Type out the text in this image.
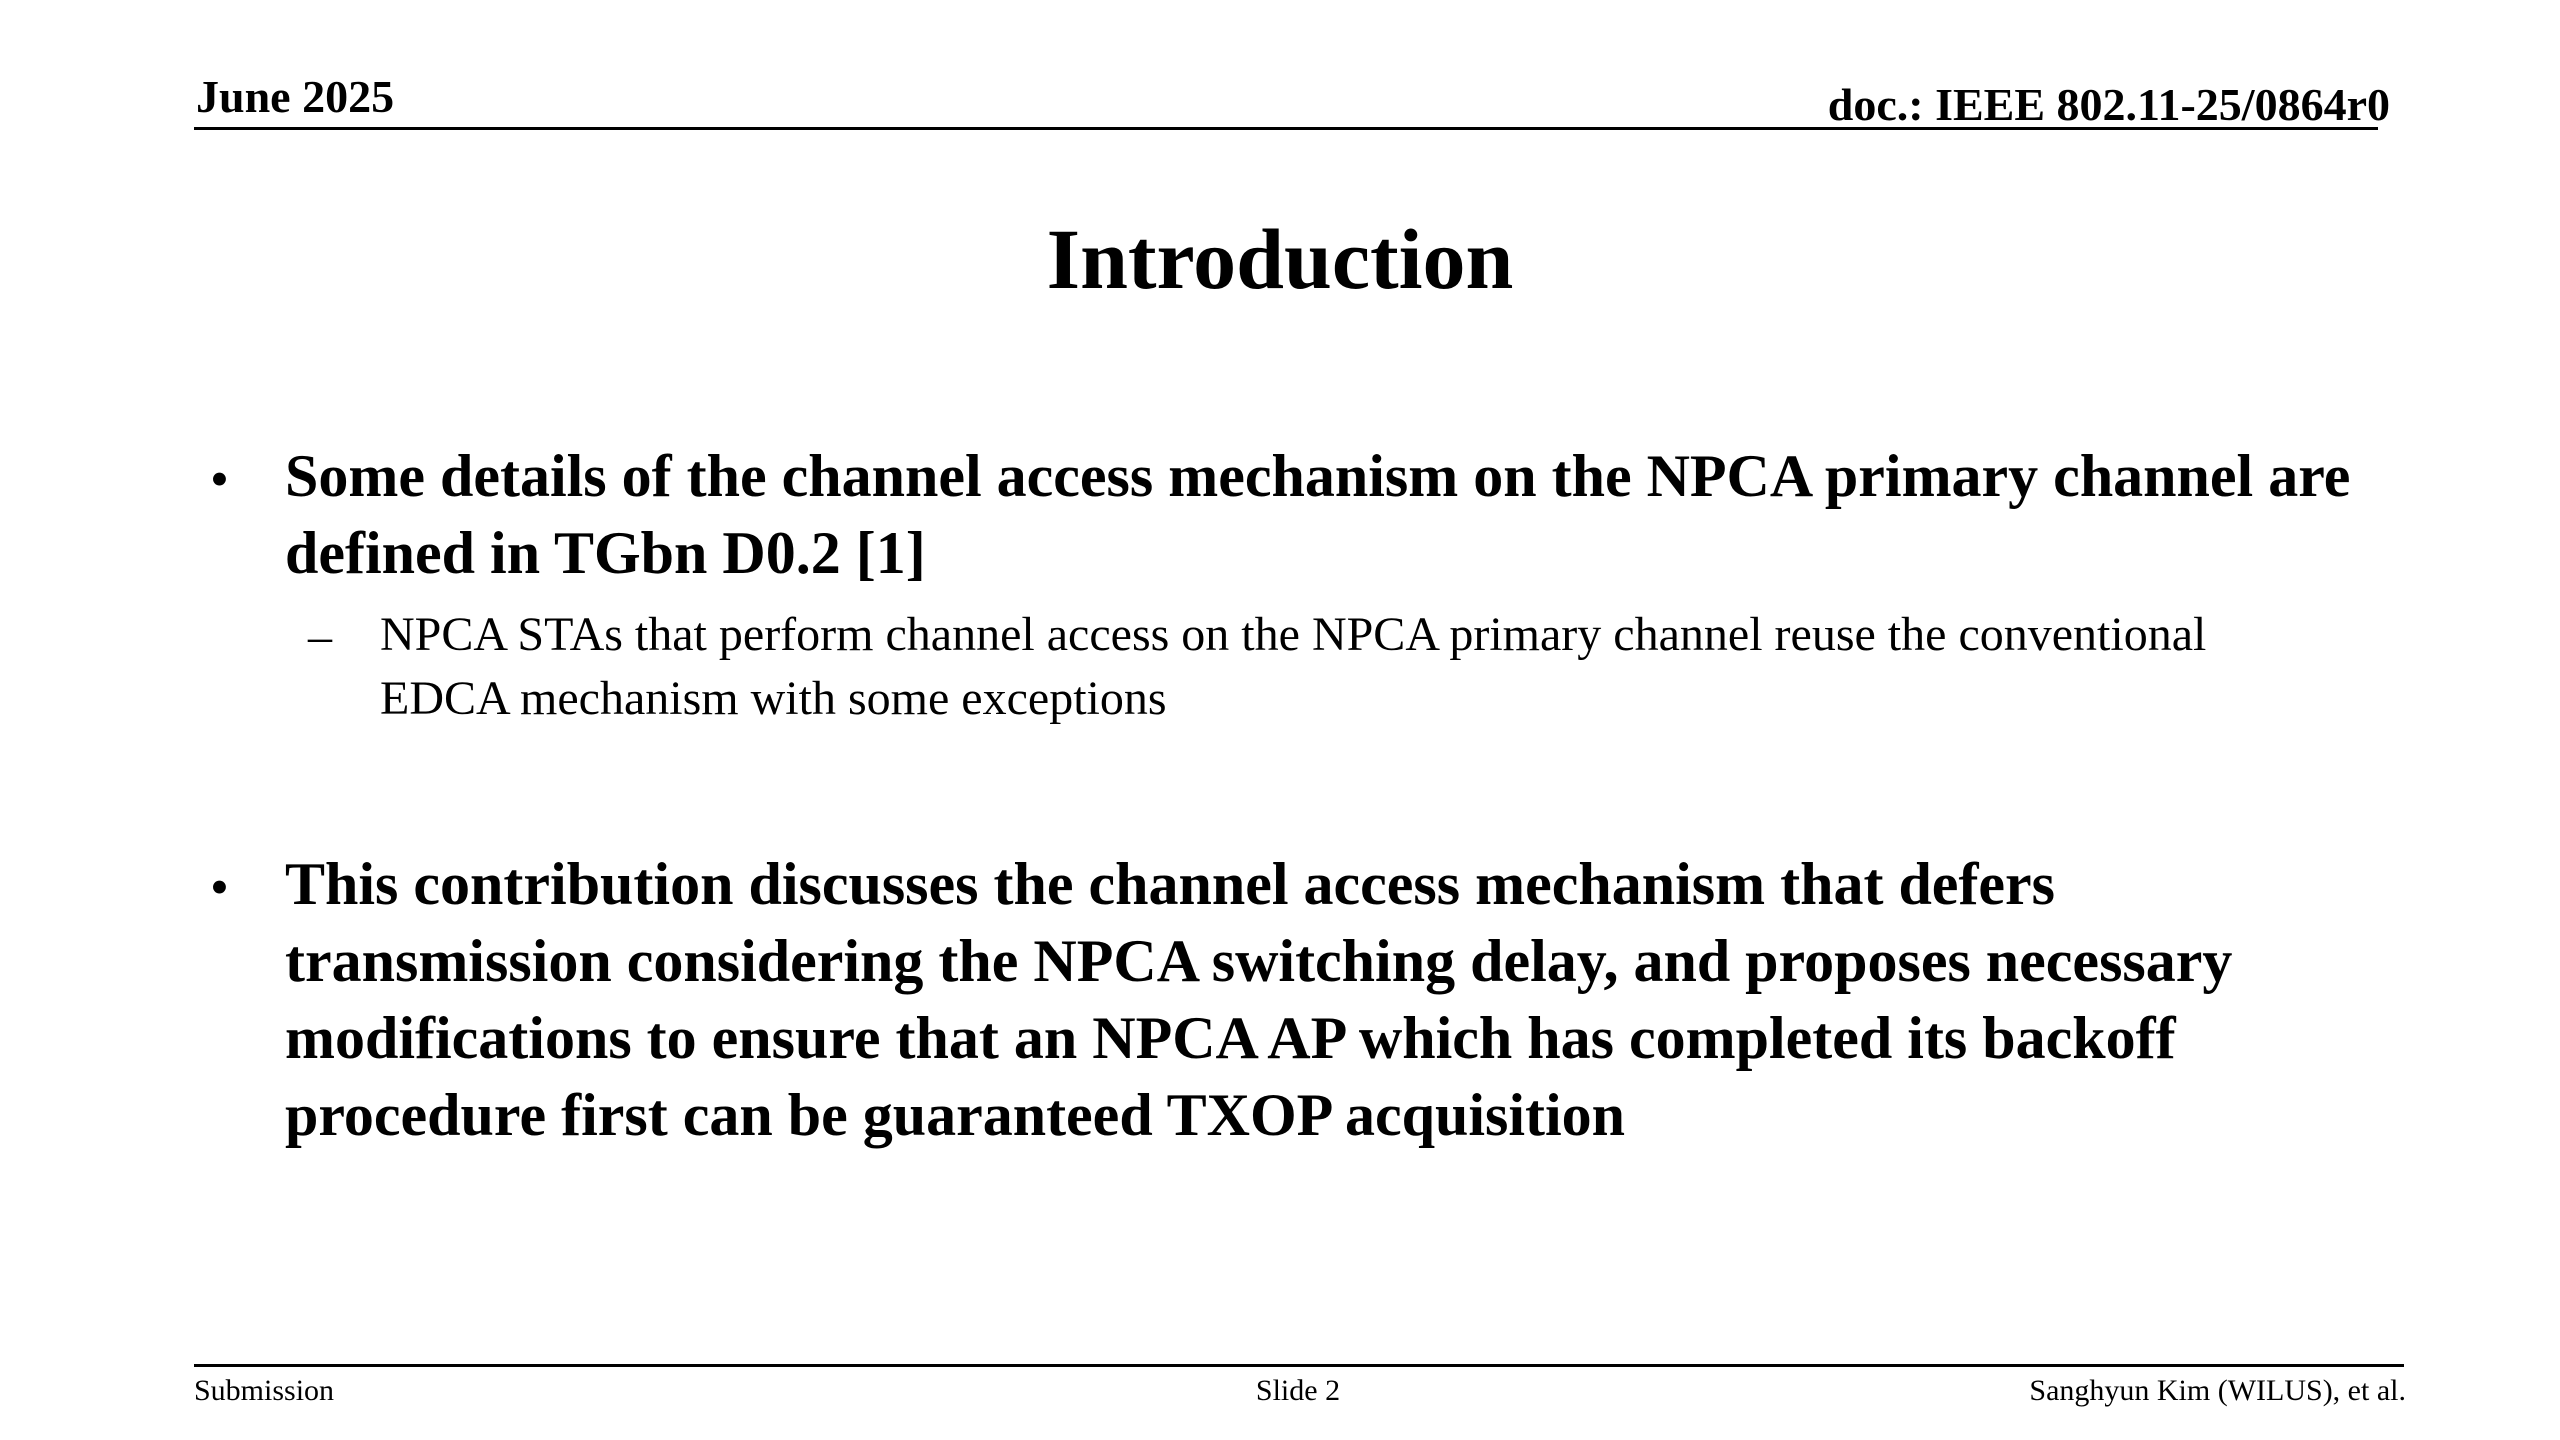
June 2025	doc.: IEEE 802.11-25/0864r0
Introduction
• Some details of the channel access mechanism on the NPCA primary channel are defined in TGbn D0.2 [1]
– NPCA STAs that perform channel access on the NPCA primary channel reuse the conventional EDCA mechanism with some exceptions
• This contribution discusses the channel access mechanism that defers transmission considering the NPCA switching delay, and proposes necessary modifications to ensure that an NPCA AP which has completed its backoff procedure first can be guaranteed TXOP acquisition
Submission	Slide 2	Sanghyun Kim (WILUS), et al.
